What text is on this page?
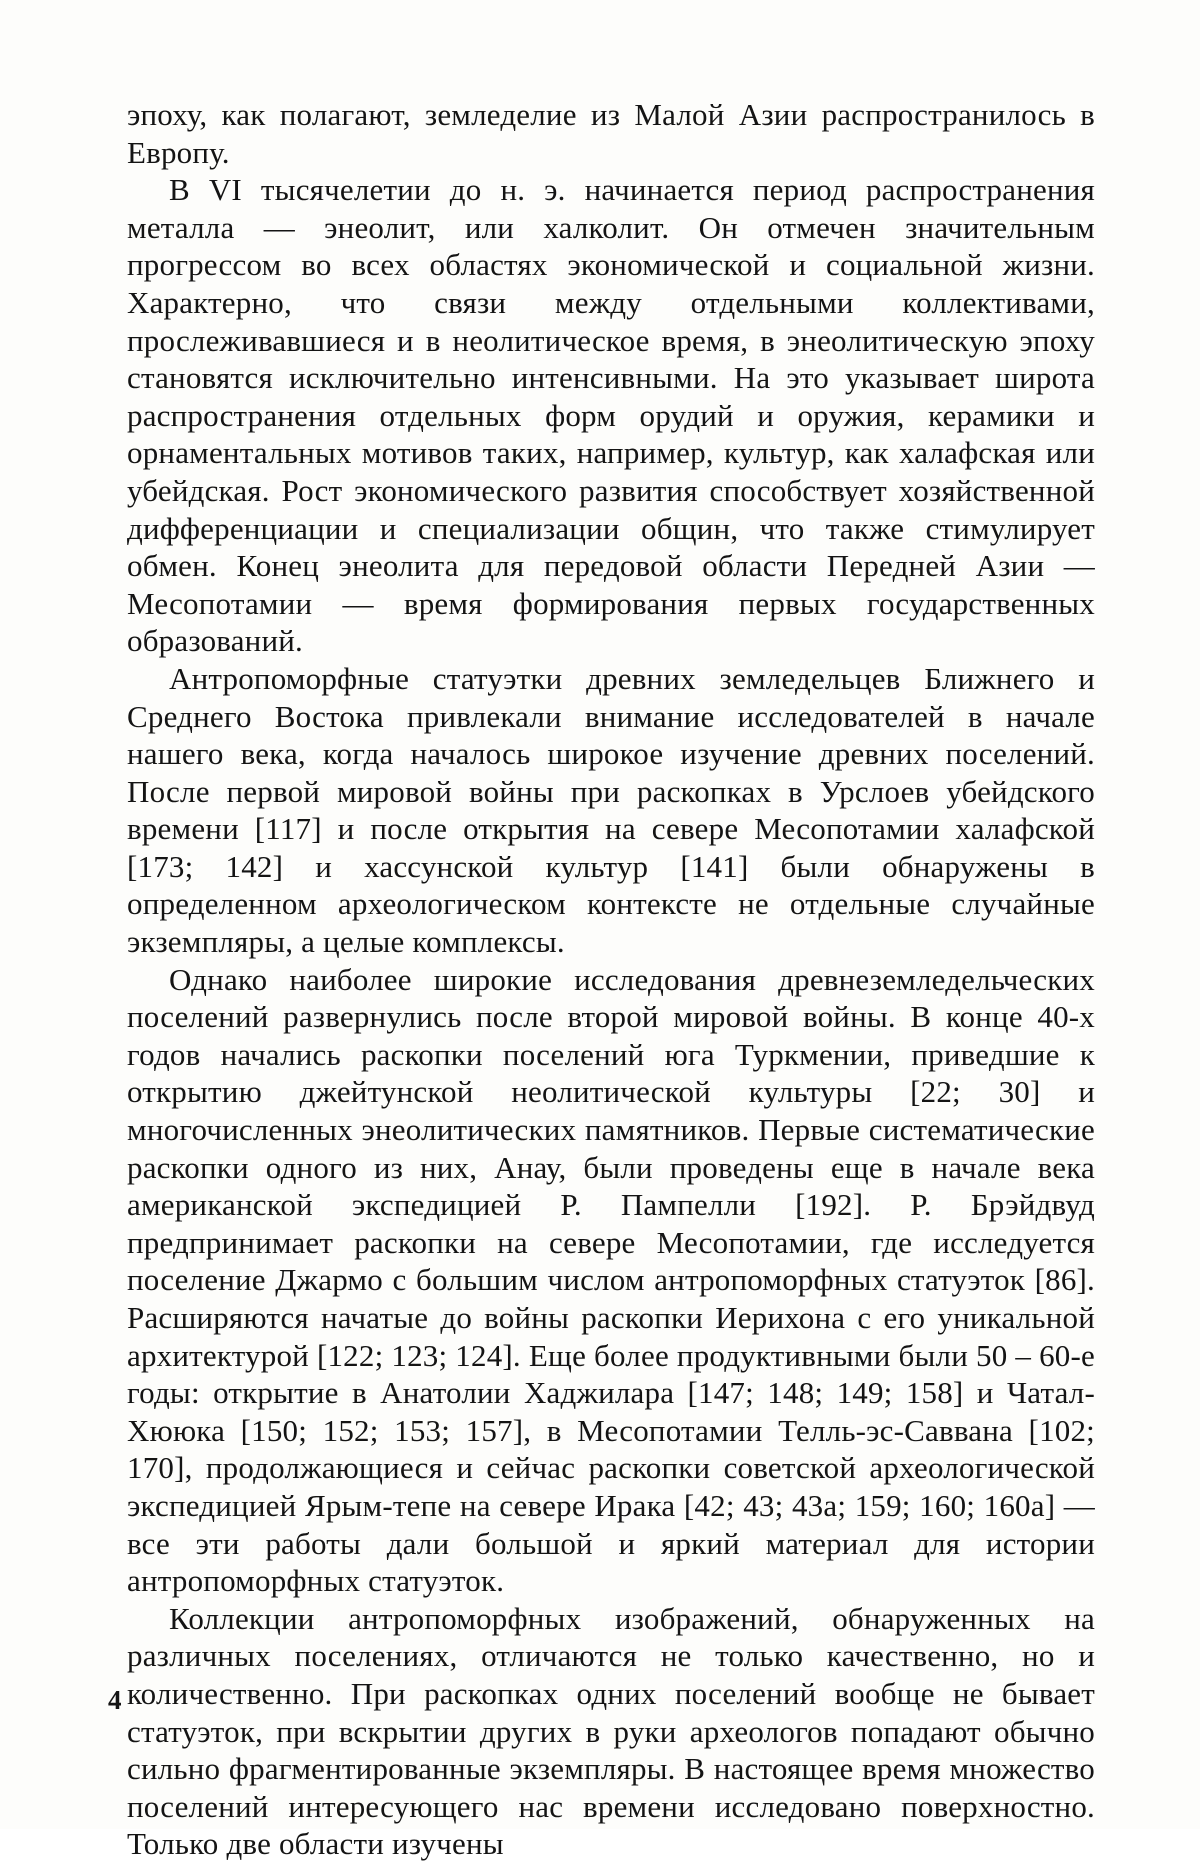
эпоху, как полагают, земледелие из Малой Азии распространилось в Европу.

В VI тысячелетии до н. э. начинается период распространения металла — энеолит, или халколит. Он отмечен значительным прогрессом во всех областях экономической и социальной жизни. Характерно, что связи между отдельными коллективами, прослеживавшиеся и в неолитическое время, в энеолитическую эпоху становятся исключительно интенсивными. На это указывает широта распространения отдельных форм орудий и оружия, керамики и орнаментальных мотивов таких, например, культур, как халафская или убейдская. Рост экономического развития способствует хозяйственной дифференциации и специализации общин, что также стимулирует обмен. Конец энеолита для передовой области Передней Азии — Месопотамии — время формирования первых государственных образований.

Антропоморфные статуэтки древних земледельцев Ближнего и Среднего Востока привлекали внимание исследователей в начале нашего века, когда началось широкое изучение древних поселений. После первой мировой войны при раскопках в Урслоев убейдского времени [117] и после открытия на севере Месопотамии халафской [173; 142] и хассунской культур [141] были обнаружены в определенном археологическом контексте не отдельные случайные экземпляры, а целые комплексы.

Однако наиболее широкие исследования древнеземледельческих поселений развернулись после второй мировой войны. В конце 40-х годов начались раскопки поселений юга Туркмении, приведшие к открытию джейтунской неолитической культуры [22; 30] и многочисленных энеолитических памятников. Первые систематические раскопки одного из них, Анау, были проведены еще в начале века американской экспедицией Р. Пампелли [192]. Р. Брэйдвуд предпринимает раскопки на севере Месопотамии, где исследуется поселение Джармо с большим числом антропоморфных статуэток [86]. Расширяются начатые до войны раскопки Иерихона с его уникальной архитектурой [122; 123; 124]. Еще более продуктивными были 50 – 60-е годы: открытие в Анатолии Хаджилара [147; 148; 149; 158] и Чатал-Хююка [150; 152; 153; 157], в Месопотамии Телль-эс-Саввана [102; 170], продолжающиеся и сейчас раскопки советской археологической экспедицией Ярым-тепе на севере Ирака [42; 43; 43а; 159; 160; 160а] — все эти работы дали большой и яркий материал для истории антропоморфных статуэток.

Коллекции антропоморфных изображений, обнаруженных на различных поселениях, отличаются не только качественно, но и количественно. При раскопках одних поселений вообще не бывает статуэток, при вскрытии других в руки археологов попадают обычно сильно фрагментированные экземпляры. В настоящее время множество поселений интересующего нас времени исследовано поверхностно. Только две области изучены

4
